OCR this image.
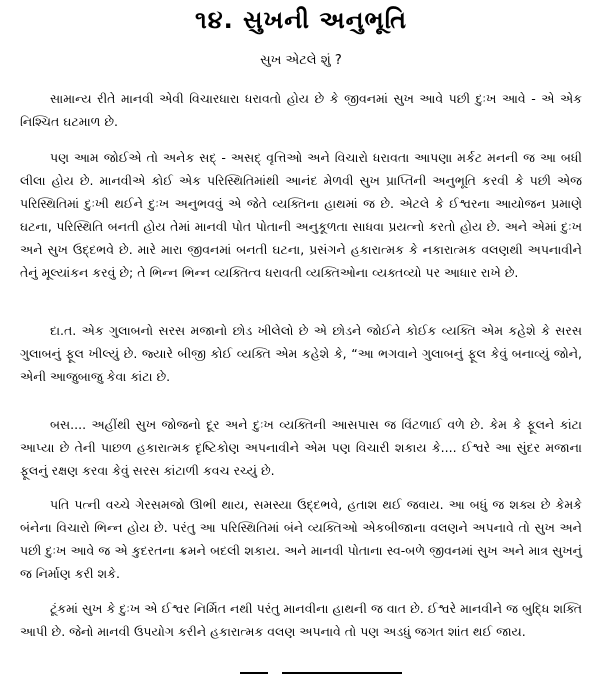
૧૪. સુખની અનુભૂતિ
સુખ એટલે શું ?

સામાન્ય રીતે માનવી એવી વિચારધારા ધરાવતો હોય છે કે જીવનમાં સુખ આવે પછી દુઃખ આવે - એ એક નિશ્ચિત ઘટમાળ છે.

પણ આમ જોઈએ તો અનેક સદ્ - અસદ્ વૃત્તિઓ અને વિચારો ધરાવતા આપણા મર્કટ મનની જ આ બધી લીલા હોય છે. માનવીએ કોઈ એક પરિસ્થિતિમાંથી આનંદ મેળવી સુખ પ્રાપ્તિની અનુભૂતિ કરવી કે પછી એજ પરિસ્થિતિમાં દુઃખી થઈને દુઃખ અનુભવવું એ જેતે વ્યક્તિના હાથમાં જ છે. એટલે કે ઈશ્વરના આયોજન પ્રમાણે ઘટના, પરિસ્થિતિ બનતી હોય તેમાં માનવી પોત પોતાની અનુકૂળતા સાધવા પ્રયત્નો કરતો હોય છે. અને એમાં દુઃખ અને સુખ ઉદ્દભવે છે. મારે મારા જીવનમાં બનતી ઘટના, પ્રસંગને હકારાત્મક કે નકારાત્મક વલણથી અપનાવીને તેનું મૂલ્યાંકન કરવું છે; તે ભિન્ન ભિન્ન વ્યક્તિત્વ ધરાવતી વ્યક્તિઓના વ્યક્તવ્યો પર આધાર રાખે છે.

દા.ત. એક ગુલાબનો સરસ મજાનો છોડ ખીલેલો છે એ છોડને જોઈને કોઈક વ્યક્તિ એમ કહેશે કે સરસ ગુલાબનું ફૂલ ખીલ્યું છે. જ્યારે બીજી કોઈ વ્યક્તિ એમ કહેશે કે, “આ ભગવાને ગુલાબનું ફૂલ કેવું બનાવ્યું જોને, એની આજુબાજુ કેવા કાંટા છે.

બસ.... અહીંથી સુખ જોજનો દૂર અને દુઃખ વ્યક્તિની આસપાસ જ વિંટળાઈ વળે છે. કેમ કે ફૂલને કાંટા આપ્યા છે તેની પાછળ હકારાત્મક દૃષ્ટિકોણ અપનાવીને એમ પણ વિચારી શકાય કે.... ઈશ્વરે આ સુંદર મજાના ફૂલનું રક્ષણ કરવા કેવું સરસ કાંટાળી કવચ રચ્યું છે.

પતિ પત્ની વચ્ચે ગેરસમજો ઊભી થાય, સમસ્યા ઉદ્દભવે, હતાશ થઈ જવાય. આ બધું જ શક્ય છે કેમકે બંનેના વિચારો ભિન્ન હોય છે. પરંતુ આ પરિસ્થિતિમાં બંને વ્યક્તિઓ એકબીજાના વલણને અપનાવે તો સુખ અને પછી દુઃખ આવે જ એ કુદરતના ક્રમને બદલી શકાય. અને માનવી પોતાના સ્વ-બળે જીવનમાં સુખ અને માત્ર સુખનું જ નિર્માણ કરી શકે.

ટૂંકમાં સુખ કે દુઃખ એ ઈશ્વર નિર્મિત નથી પરંતુ માનવીના હાથની જ વાત છે. ઈશ્વરે માનવીને જ બુદ્ધિ શક્તિ આપી છે. જેનો માનવી ઉપયોગ કરીને હકારાત્મક વલણ અપનાવે તો પણ અડધું જગત શાંત થઈ જાય.
